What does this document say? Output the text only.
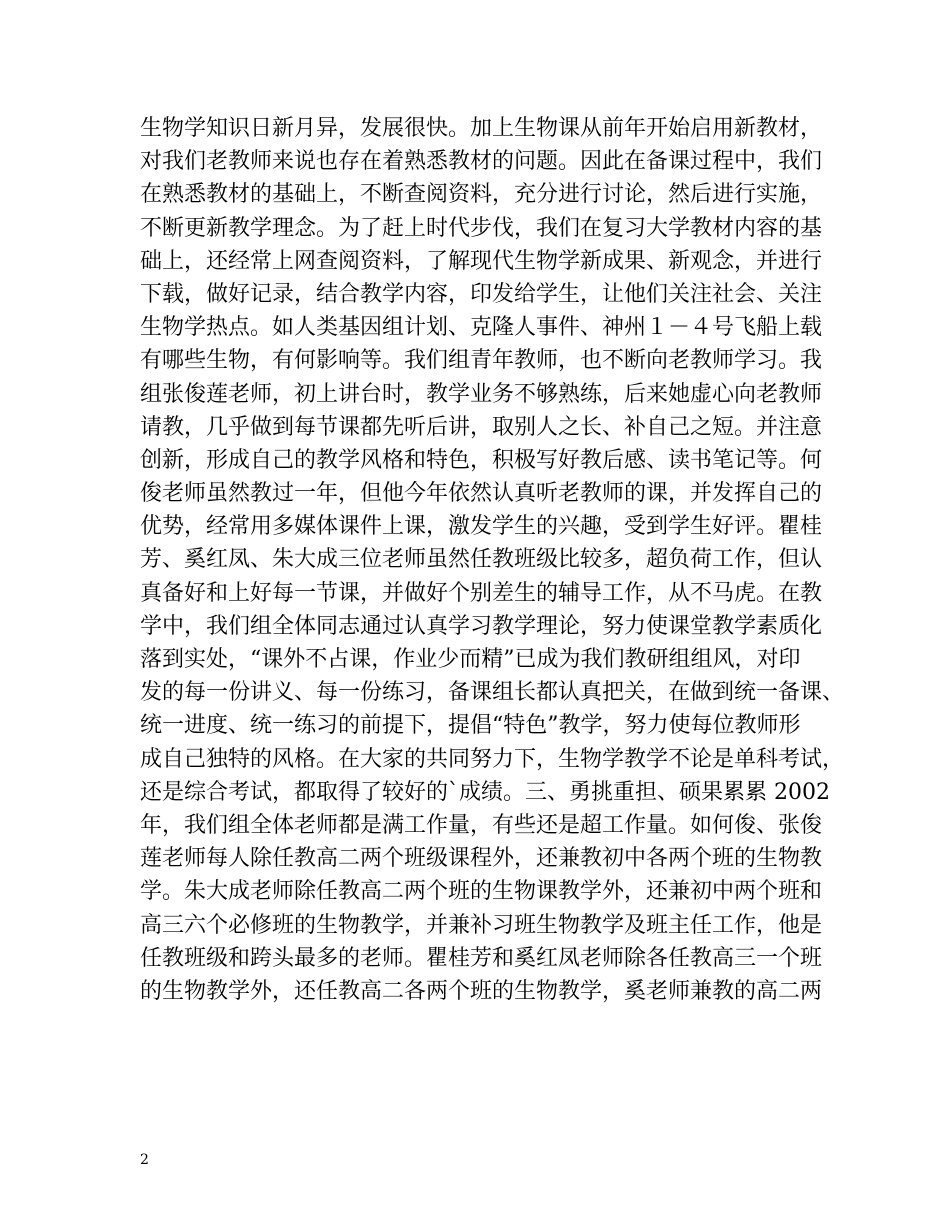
生物学知识日新月异，发展很快。加上生物课从前年开始启用新教材，
对我们老教师来说也存在着熟悉教材的问题。因此在备课过程中，我们
在熟悉教材的基础上，不断查阅资料，充分进行讨论，然后进行实施，
不断更新教学理念。为了赶上时代步伐，我们在复习大学教材内容的基
础上，还经常上网查阅资料，了解现代生物学新成果、新观念，并进行
下载，做好记录，结合教学内容，印发给学生，让他们关注社会、关注
生物学热点。如人类基因组计划、克隆人事件、神州１－４号飞船上载
有哪些生物，有何影响等。我们组青年教师，也不断向老教师学习。我
组张俊莲老师，初上讲台时，教学业务不够熟练，后来她虚心向老教师
请教，几乎做到每节课都先听后讲，取别人之长、补自己之短。并注意
创新，形成自己的教学风格和特色，积极写好教后感、读书笔记等。何
俊老师虽然教过一年，但他今年依然认真听老教师的课，并发挥自己的
优势，经常用多媒体课件上课，激发学生的兴趣，受到学生好评。瞿桂
芳、奚红凤、朱大成三位老师虽然任教班级比较多，超负荷工作，但认
真备好和上好每一节课，并做好个别差生的辅导工作，从不马虎。在教
学中，我们组全体同志通过认真学习教学理论，努力使课堂教学素质化
落到实处，“课外不占课，作业少而精”已成为我们教研组组风，对印
发的每一份讲义、每一份练习，备课组长都认真把关，在做到统一备课、
统一进度、统一练习的前提下，提倡“特色”教学，努力使每位教师形
成自己独特的风格。在大家的共同努力下，生物学教学不论是单科考试，
还是综合考试，都取得了较好的`成绩。三、勇挑重担、硕果累累 2002
年，我们组全体老师都是满工作量，有些还是超工作量。如何俊、张俊
莲老师每人除任教高二两个班级课程外，还兼教初中各两个班的生物教
学。朱大成老师除任教高二两个班的生物课教学外，还兼初中两个班和
高三六个必修班的生物教学，并兼补习班生物教学及班主任工作，他是
任教班级和跨头最多的老师。瞿桂芳和奚红凤老师除各任教高三一个班
的生物教学外，还任教高二各两个班的生物教学，奚老师兼教的高二两
2
